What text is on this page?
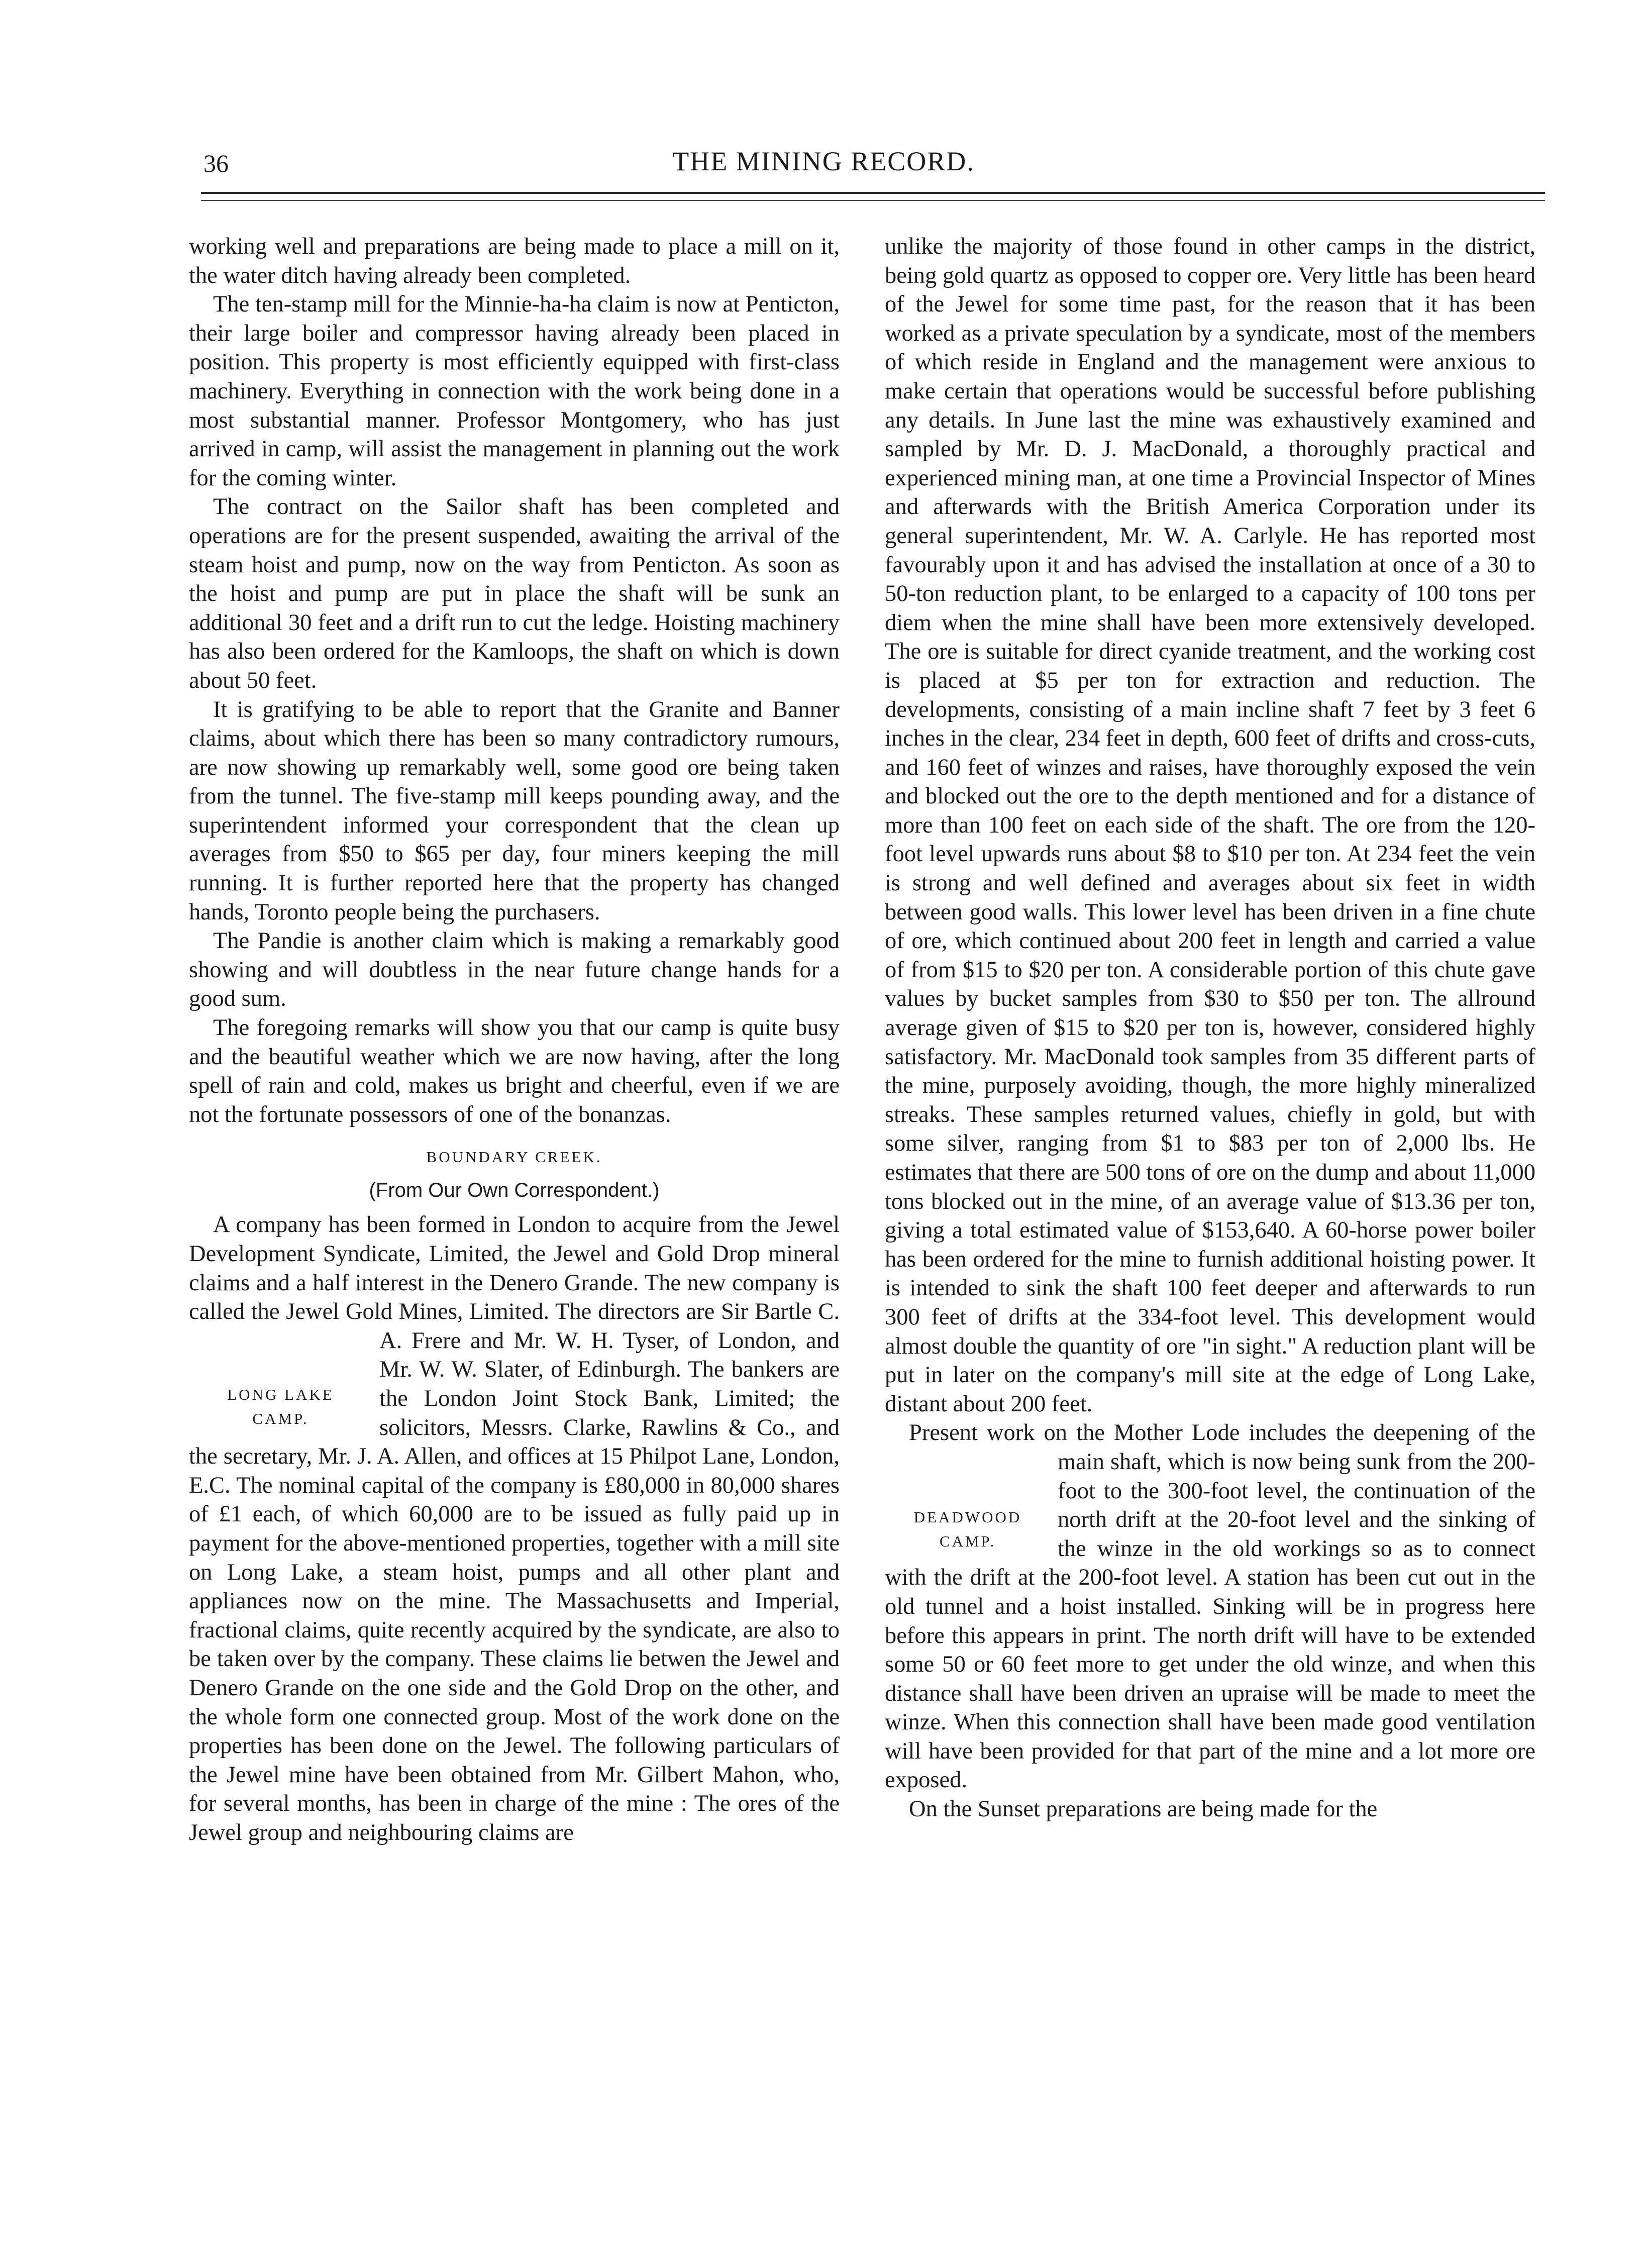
36	THE MINING RECORD.

working well and preparations are being made to place a mill on it, the water ditch having already been completed.

The ten-stamp mill for the Minnie-ha-ha claim is now at Penticton, their large boiler and compressor having already been placed in position. This property is most efficiently equipped with first-class machinery. Everything in connection with the work being done in a most substantial manner. Professor Montgomery, who has just arrived in camp, will assist the management in planning out the work for the coming winter.

The contract on the Sailor shaft has been completed and operations are for the present suspended, awaiting the arrival of the steam hoist and pump, now on the way from Penticton. As soon as the hoist and pump are put in place the shaft will be sunk an additional 30 feet and a drift run to cut the ledge. Hoisting machinery has also been ordered for the Kamloops, the shaft on which is down about 50 feet.

It is gratifying to be able to report that the Granite and Banner claims, about which there has been so many contradictory rumours, are now showing up remarkably well, some good ore being taken from the tunnel. The five-stamp mill keeps pounding away, and the superintendent informed your correspondent that the clean up averages from $50 to $65 per day, four miners keeping the mill running. It is further reported here that the property has changed hands, Toronto people being the purchasers.

The Pandie is another claim which is making a remarkably good showing and will doubtless in the near future change hands for a good sum.

The foregoing remarks will show you that our camp is quite busy and the beautiful weather which we are now having, after the long spell of rain and cold, makes us bright and cheerful, even if we are not the fortunate possessors of one of the bonanzas.

BOUNDARY CREEK.
(From Our Own Correspondent.)
LONG LAKE
CAMP.

A company has been formed in London to acquire from the Jewel Development Syndicate, Limited, the Jewel and Gold Drop mineral claims and a half interest in the Denero Grande. The new company is called the Jewel Gold Mines, Limited. The directors are Sir Bartle C. A. Frere and Mr. W. H. Tyser, of London, and Mr. W. W. Slater, of Edinburgh. The bankers are the London Joint Stock Bank, Limited; the solicitors, Messrs. Clarke, Rawlins & Co., and the secretary, Mr. J. A. Allen, and offices at 15 Philpot Lane, London, E.C. The nominal capital of the company is £80,000 in 80,000 shares of £1 each, of which 60,000 are to be issued as fully paid up in payment for the above-mentioned properties, together with a mill site on Long Lake, a steam hoist, pumps and all other plant and appliances now on the mine. The Massachusetts and Imperial, fractional claims, quite recently acquired by the syndicate, are also to be taken over by the company. These claims lie betwen the Jewel and Denero Grande on the one side and the Gold Drop on the other, and the whole form one connected group. Most of the work done on the properties has been done on the Jewel. The following particulars of the Jewel mine have been obtained from Mr. Gilbert Mahon, who, for several months, has been in charge of the mine : The ores of the Jewel group and neighbouring claims are

unlike the majority of those found in other camps in the district, being gold quartz as opposed to copper ore. Very little has been heard of the Jewel for some time past, for the reason that it has been worked as a private speculation by a syndicate, most of the members of which reside in England and the management were anxious to make certain that operations would be successful before publishing any details. In June last the mine was exhaustively examined and sampled by Mr. D. J. MacDonald, a thoroughly practical and experienced mining man, at one time a Provincial Inspector of Mines and afterwards with the British America Corporation under its general superintendent, Mr. W. A. Carlyle. He has reported most favourably upon it and has advised the installation at once of a 30 to 50-ton reduction plant, to be enlarged to a capacity of 100 tons per diem when the mine shall have been more extensively developed. The ore is suitable for direct cyanide treatment, and the working cost is placed at $5 per ton for extraction and reduction. The developments, consisting of a main incline shaft 7 feet by 3 feet 6 inches in the clear, 234 feet in depth, 600 feet of drifts and cross-cuts, and 160 feet of winzes and raises, have thoroughly exposed the vein and blocked out the ore to the depth mentioned and for a distance of more than 100 feet on each side of the shaft. The ore from the 120-foot level upwards runs about $8 to $10 per ton. At 234 feet the vein is strong and well defined and averages about six feet in width between good walls. This lower level has been driven in a fine chute of ore, which continued about 200 feet in length and carried a value of from $15 to $20 per ton. A considerable portion of this chute gave values by bucket samples from $30 to $50 per ton. The allround average given of $15 to $20 per ton is, however, considered highly satisfactory. Mr. MacDonald took samples from 35 different parts of the mine, purposely avoiding, though, the more highly mineralized streaks. These samples returned values, chiefly in gold, but with some silver, ranging from $1 to $83 per ton of 2,000 lbs. He estimates that there are 500 tons of ore on the dump and about 11,000 tons blocked out in the mine, of an average value of $13.36 per ton, giving a total estimated value of $153,640. A 60-horse power boiler has been ordered for the mine to furnish additional hoisting power. It is intended to sink the shaft 100 feet deeper and afterwards to run 300 feet of drifts at the 334-foot level. This development would almost double the quantity of ore "in sight." A reduction plant will be put in later on the company's mill site at the edge of Long Lake, distant about 200 feet.

DEADWOOD
CAMP.

Present work on the Mother Lode includes the deepening of the main shaft, which is now being sunk from the 200-foot to the 300-foot level, the continuation of the north drift at the 20-foot level and the sinking of the winze in the old workings so as to connect with the drift at the 200-foot level. A station has been cut out in the old tunnel and a hoist installed. Sinking will be in progress here before this appears in print. The north drift will have to be extended some 50 or 60 feet more to get under the old winze, and when this distance shall have been driven an upraise will be made to meet the winze. When this connection shall have been made good ventilation will have been provided for that part of the mine and a lot more ore exposed.

On the Sunset preparations are being made for the
